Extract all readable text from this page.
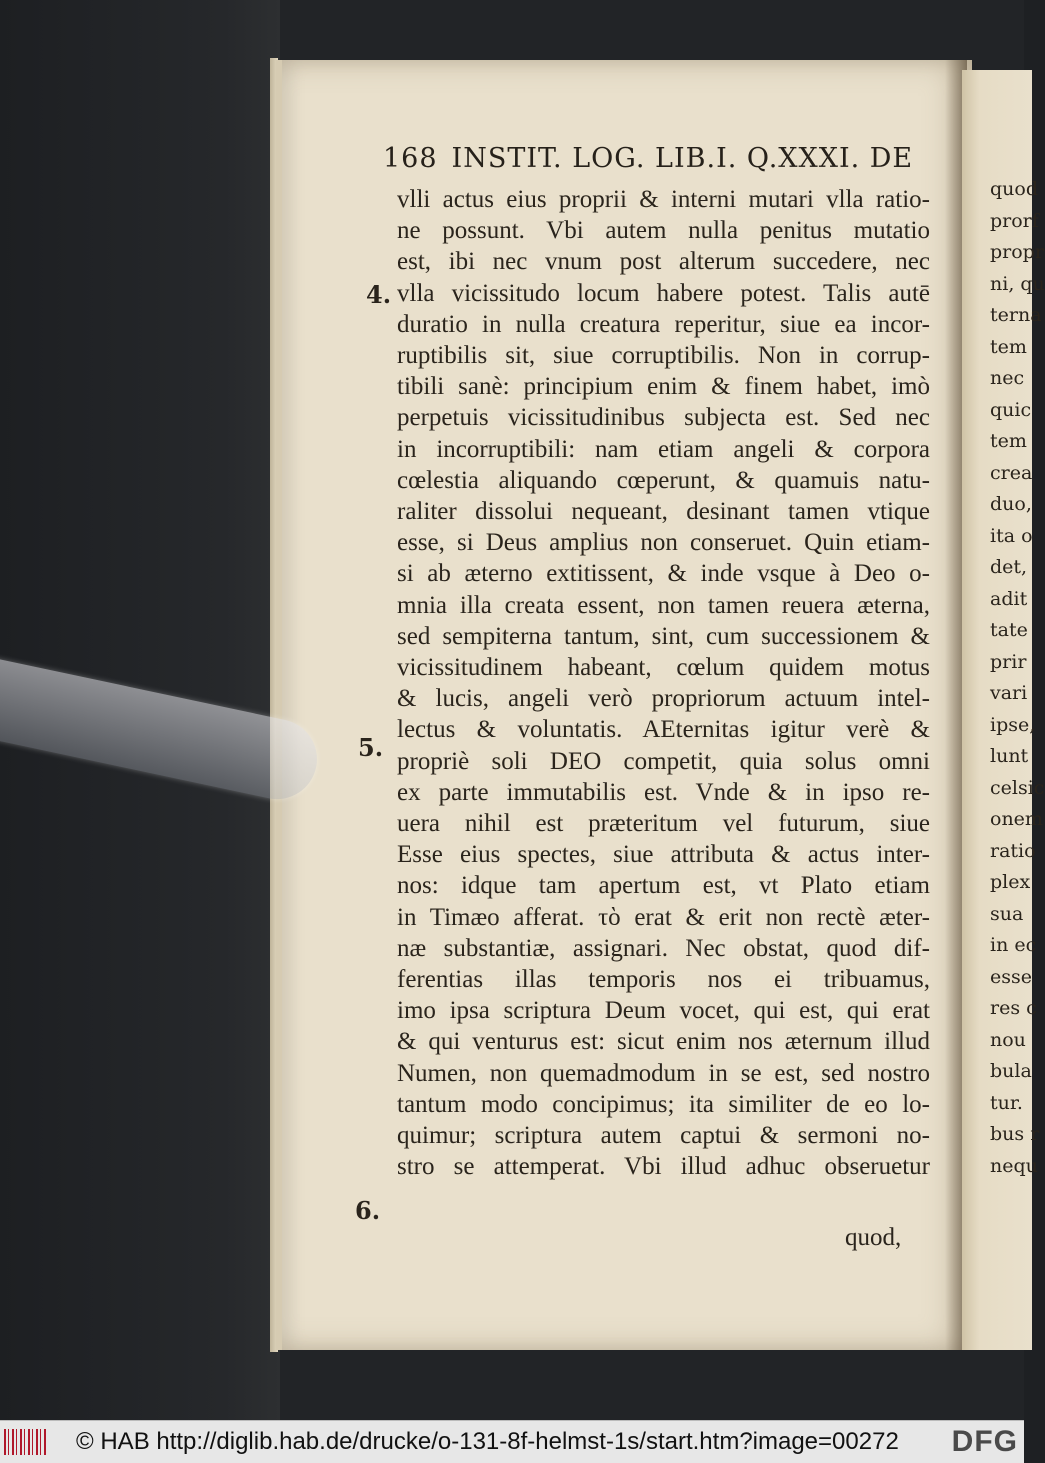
quod
prorf
propr
ni, qu
terna
tem
nec
quic
tem
crea
duo,
ita o
det,
adit
tate
prir
vari
ipse,
lunt
celsic
onem
ratio
plex
sua
in ec
esse
res c
nou
bula
tur.
bus r
nequ
168 INSTIT. LOG. LIB.I. Q.XXXI. DE
vlli actus eius proprii & interni mutari vlla ratio-
ne possunt. Vbi autem nulla penitus mutatio
est, ibi nec vnum post alterum succedere, nec
vlla vicissitudo locum habere potest. Talis autē
duratio in nulla creatura reperitur, siue ea incor-
ruptibilis sit, siue corruptibilis. Non in corrup-
tibili sanè: principium enim & finem habet, imò
perpetuis vicissitudinibus subjecta est. Sed nec
in incorruptibili: nam etiam angeli & corpora
cœlestia aliquando cœperunt, & quamuis natu-
raliter dissolui nequeant, desinant tamen vtique
esse, si Deus amplius non conseruet. Quin etiam-
si ab æterno extitissent, & inde vsque à Deo o-
mnia illa creata essent, non tamen reuera æterna,
sed sempiterna tantum, sint, cum successionem &
vicissitudinem habeant, cœlum quidem motus
& lucis, angeli verò propriorum actuum intel-
lectus & voluntatis. AEternitas igitur verè &
propriè soli DEO competit, quia solus omni
ex parte immutabilis est. Vnde & in ipso re-
uera nihil est præteritum vel futurum, siue
Esse eius spectes, siue attributa & actus inter-
nos: idque tam apertum est, vt Plato etiam
in Timæo afferat. τὸ erat & erit non rectè æter-
næ substantiæ, assignari. Nec obstat, quod dif-
ferentias illas temporis nos ei tribuamus,
imo ipsa scriptura Deum vocet, qui est, qui erat
& qui venturus est: sicut enim nos æternum illud
Numen, non quemadmodum in se est, sed nostro
tantum modo concipimus; ita similiter de eo lo-
quimur; scriptura autem captui & sermoni no-
stro se attemperat. Vbi illud adhuc obseruetur
quod,
4.
5.
6.
© HAB http://diglib.hab.de/drucke/o-131-8f-helmst-1s/start.htm?image=00272 DFG
